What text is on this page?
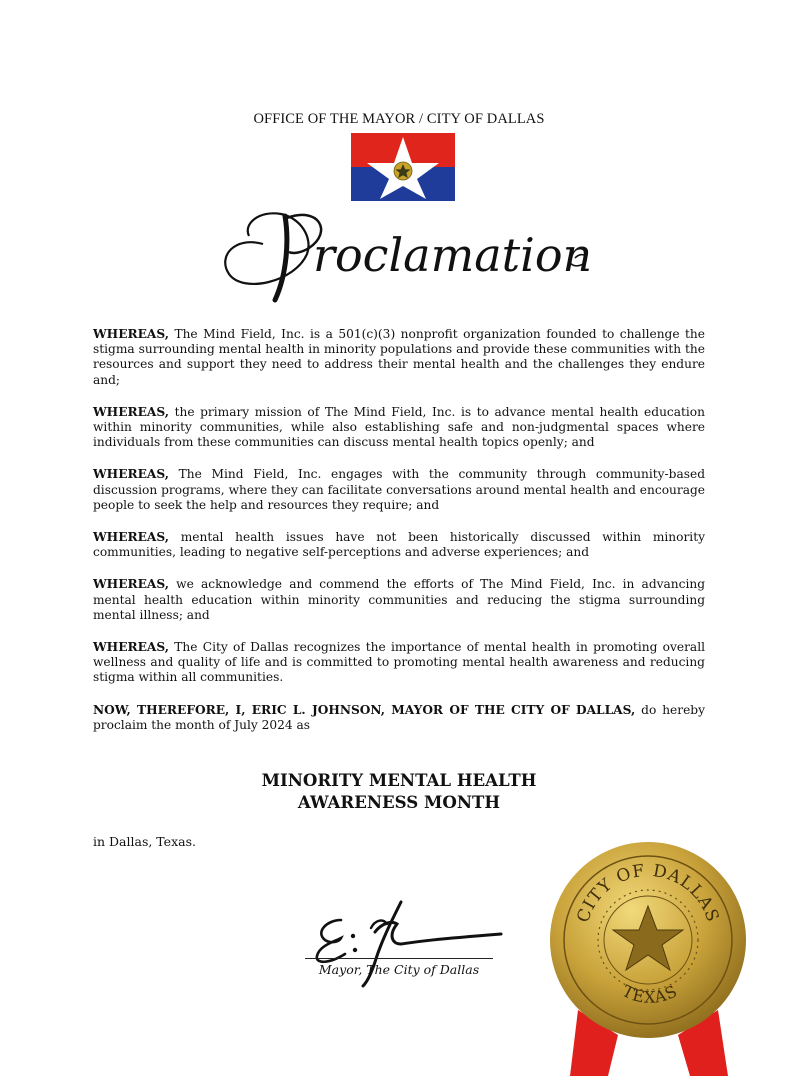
OFFICE OF THE MAYOR / CITY OF DALLAS
roclamation

WHEREAS, The Mind Field, Inc. is a 501(c)(3) nonprofit organization founded to challenge the stigma surrounding mental health in minority populations and provide these communities with the resources and support they need to address their mental health and the challenges they endure and;

WHEREAS, the primary mission of The Mind Field, Inc. is to advance mental health education within minority communities, while also establishing safe and non-judgmental spaces where individuals from these communities can discuss mental health topics openly; and

WHEREAS, The Mind Field, Inc. engages with the community through community-based discussion programs, where they can facilitate conversations around mental health and encourage people to seek the help and resources they require; and

WHEREAS, mental health issues have not been historically discussed within minority communities, leading to negative self-perceptions and adverse experiences; and

WHEREAS, we acknowledge and commend the efforts of The Mind Field, Inc. in advancing mental health education within minority communities and reducing the stigma surrounding mental illness; and

WHEREAS, The City of Dallas recognizes the importance of mental health in promoting overall wellness and quality of life and is committed to promoting mental health awareness and reducing stigma within all communities.

NOW, THEREFORE, I, ERIC L. JOHNSON, MAYOR OF THE CITY OF DALLAS, do hereby proclaim the month of July 2024 as

MINORITY MENTAL HEALTH
AWARENESS MONTH
in Dallas, Texas.
Mayor, The City of Dallas
CITY OF DALLAS
TEXAS
